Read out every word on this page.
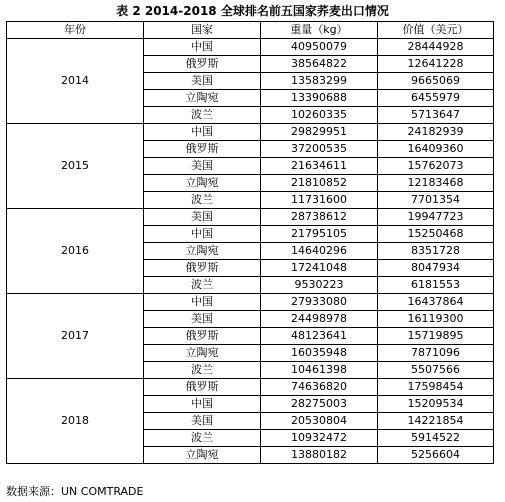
表 2 2014-2018 全球排名前五国家荞麦出口情况
年份	国家	重量（kg）	价值（美元）
2014	中国	40950079	28444928
	俄罗斯	38564822	12641228
	美国	13583299	9665069
	立陶宛	13390688	6455979
	波兰	10260335	5713647
2015	中国	29829951	24182939
	俄罗斯	37200535	16409360
	美国	21634611	15762073
	立陶宛	21810852	12183468
	波兰	11731600	7701354
2016	美国	28738612	19947723
	中国	21795105	15250468
	立陶宛	14640296	8351728
	俄罗斯	17241048	8047934
	波兰	9530223	6181553
2017	中国	27933080	16437864
	美国	24498978	16119300
	俄罗斯	48123641	15719895
	立陶宛	16035948	7871096
	波兰	10461398	5507566
2018	俄罗斯	74636820	17598454
	中国	28275003	15209534
	美国	20530804	14221854
	波兰	10932472	5914522
	立陶宛	13880182	5256604
数据来源：UN COMTRADE
